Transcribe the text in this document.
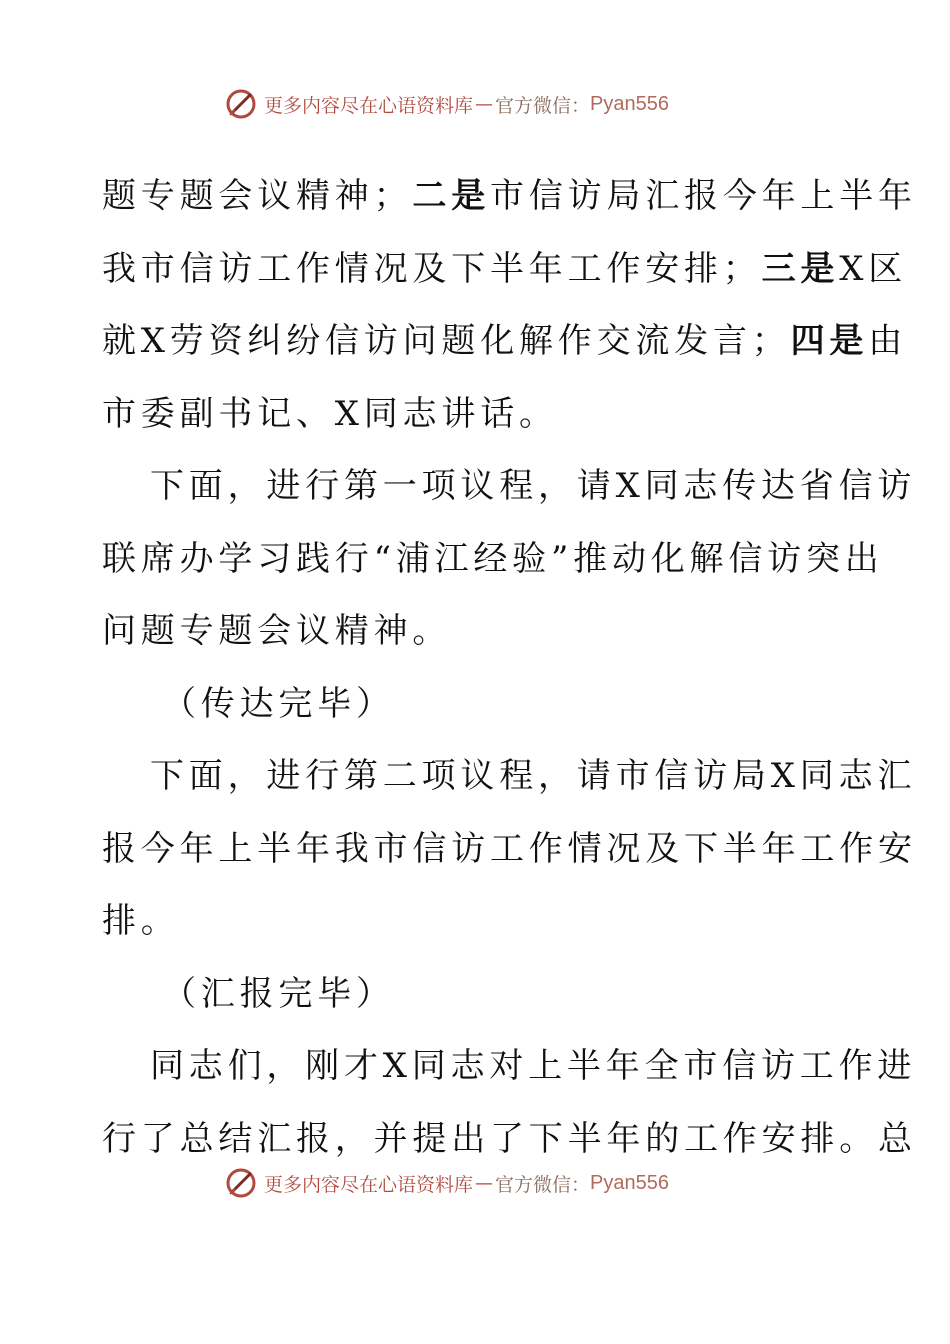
更多内容尽在心语资料库 — 官方微信： Pyan556
题专题会议精神；二是市信访局汇报今年上半年
我市信访工作情况及下半年工作安排；三是X区
就X劳资纠纷信访问题化解作交流发言；四是由
市委副书记、X同志讲话。
下面，进行第一项议程，请X同志传达省信访
联席办学习践行“浦江经验”推动化解信访突出
问题专题会议精神。
（传达完毕）
下面，进行第二项议程，请市信访局X同志汇
报今年上半年我市信访工作情况及下半年工作安
排。
（汇报完毕）
同志们，刚才X同志对上半年全市信访工作进
行了总结汇报，并提出了下半年的工作安排。总
更多内容尽在心语资料库 — 官方微信： Pyan556
